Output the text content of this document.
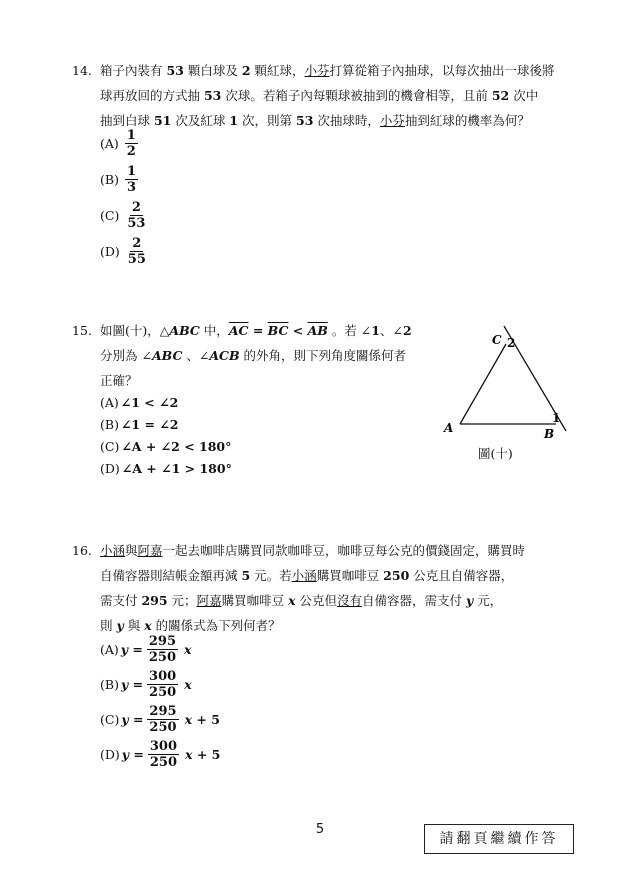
14. 箱子內裝有 53 顆白球及 2 顆紅球，小芬打算從箱子內抽球，以每次抽出一球後將
球再放回的方式抽 53 次球。若箱子內每顆球被抽到的機會相等，且前 52 次中
抽到白球 51 次及紅球 1 次，則第 53 次抽球時，小芬抽到紅球的機率為何？
$(A) \frac{1}{2}$
$(B) \frac{1}{3}$
$(C) \frac{2}{53}$
$(D) \frac{2}{55}$
15. 如圖(十)，△ABC 中，$\overline{AC} = \overline{BC} < \overline{AB}$ 。若 ∠1、∠2
分別為 ∠ABC 、∠ACB 的外角，則下列角度關係何者
正確？
(A) ∠1 < ∠2
(B) ∠1 = ∠2
(C) ∠A + ∠2 < 180°
(D) ∠A + ∠1 > 180°
A	B
C
1
2
圖(十)
16. 小涵與阿嘉一起去咖啡店購買同款咖啡豆，咖啡豆每公克的價錢固定，購買時
自備容器則結帳金額再減 5 元。若小涵購買咖啡豆 250 公克且自備容器，
需支付 295 元；阿嘉購買咖啡豆 x 公克但沒有自備容器，需支付 y 元，
則 y 與 x 的關係式為下列何者？
(A) $y = \frac{295}{250}$ x
(B) $y = \frac{300}{250}$ x
(C) $y = \frac{295}{250}$ x + 5
(D) $y = \frac{300}{250}$ x + 5
5
請翻頁繼續作答
